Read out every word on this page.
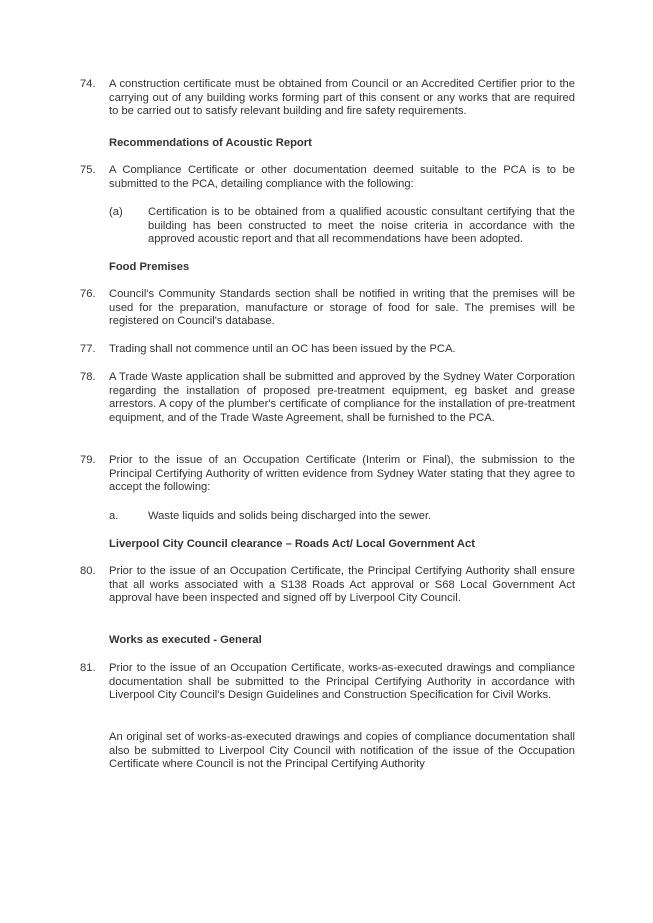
74.	A construction certificate must be obtained from Council or an Accredited Certifier prior to the carrying out of any building works forming part of this consent or any works that are required to be carried out to satisfy relevant building and fire safety requirements.
Recommendations of Acoustic Report
75.	A Compliance Certificate or other documentation deemed suitable to the PCA is to be submitted to the PCA, detailing compliance with the following:
(a)	Certification is to be obtained from a qualified acoustic consultant certifying that the building has been constructed to meet the noise criteria in accordance with the approved acoustic report and that all recommendations have been adopted.
Food Premises
76.	Council's Community Standards section shall be notified in writing that the premises will be used for the preparation, manufacture or storage of food for sale. The premises will be registered on Council's database.
77.	Trading shall not commence until an OC has been issued by the PCA.
78.	A Trade Waste application shall be submitted and approved by the Sydney Water Corporation regarding the installation of proposed pre-treatment equipment, eg basket and grease arrestors. A copy of the plumber's certificate of compliance for the installation of pre-treatment equipment, and of the Trade Waste Agreement, shall be furnished to the PCA.
79.	Prior to the issue of an Occupation Certificate (Interim or Final), the submission to the Principal Certifying Authority of written evidence from Sydney Water stating that they agree to accept the following:
a.	Waste liquids and solids being discharged into the sewer.
Liverpool City Council clearance – Roads Act/ Local Government Act
80.	Prior to the issue of an Occupation Certificate, the Principal Certifying Authority shall ensure that all works associated with a S138 Roads Act approval or S68 Local Government Act approval have been inspected and signed off by Liverpool City Council.
Works as executed - General
81.	Prior to the issue of an Occupation Certificate, works-as-executed drawings and compliance documentation shall be submitted to the Principal Certifying Authority in accordance with Liverpool City Council's Design Guidelines and Construction Specification for Civil Works.
An original set of works-as-executed drawings and copies of compliance documentation shall also be submitted to Liverpool City Council with notification of the issue of the Occupation Certificate where Council is not the Principal Certifying Authority
